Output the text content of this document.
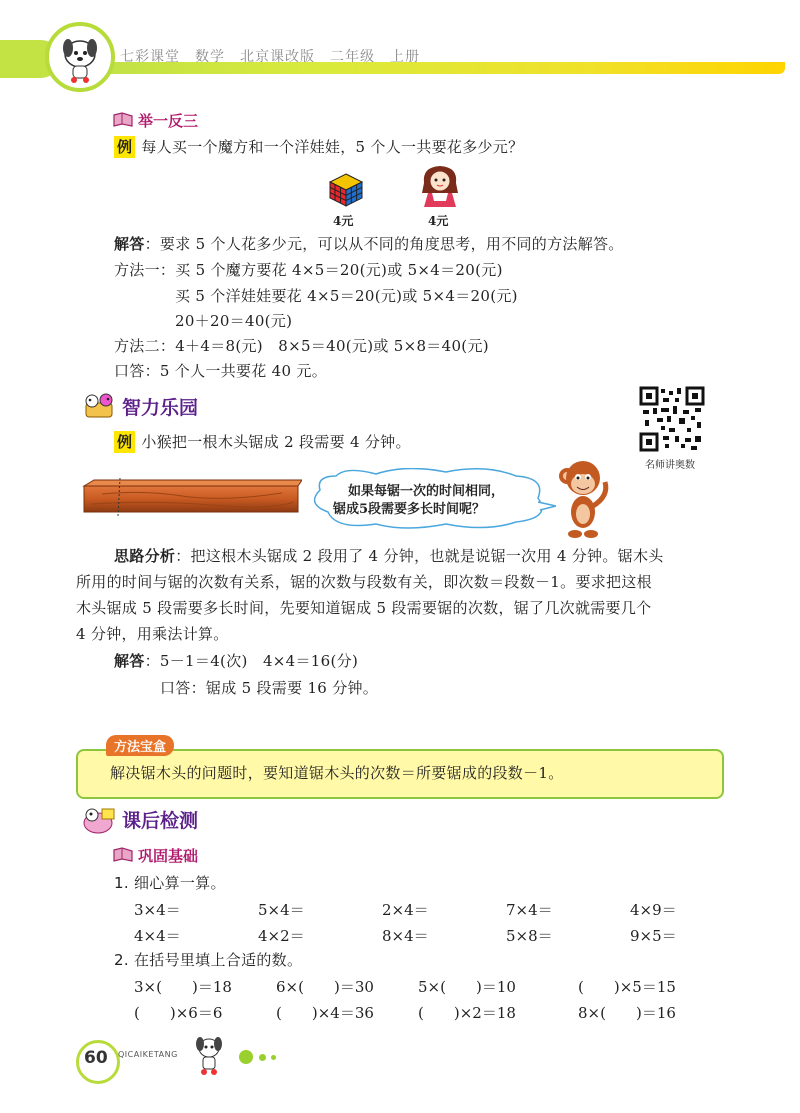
七彩课堂　数学　北京课改版　二年级　上册
举一反三
例 每人买一个魔方和一个洋娃娃，5 个人一共要花多少元？
4元	4元
解答：要求 5 个人花多少元，可以从不同的角度思考，用不同的方法解答。
方法一：买 5 个魔方要花 4×5＝20(元)或 5×4＝20(元)
买 5 个洋娃娃要花 4×5＝20(元)或 5×4＝20(元)
20＋20＝40(元)
方法二：4＋4＝8(元)　8×5＝40(元)或 5×8＝40(元)
口答：5 个人一共要花 40 元。
智力乐园
名师讲奥数
例 小猴把一根木头锯成 2 段需要 4 分钟。
如果每锯一次的时间相同，
锯成5段需要多长时间呢？
思路分析：把这根木头锯成 2 段用了 4 分钟，也就是说锯一次用 4 分钟。锯木头
所用的时间与锯的次数有关系，锯的次数与段数有关，即次数＝段数－1。要求把这根
木头锯成 5 段需要多长时间，先要知道锯成 5 段需要锯的次数，锯了几次就需要几个
4 分钟，用乘法计算。
解答：5－1＝4(次)　4×4＝16(分)
口答：锯成 5 段需要 16 分钟。
方法宝盒
解决锯木头的问题时，要知道锯木头的次数＝所要锯成的段数－1。
课后检测
巩固基础
1. 细心算一算。
3×4＝	5×4＝	2×4＝	7×4＝	4×9＝
4×4＝	4×2＝	8×4＝	5×8＝	9×5＝
2. 在括号里填上合适的数。
3×(　　)＝18	6×(　　)＝30	5×(　　)＝10	(　　)×5＝15
(　　)×6＝6	(　　)×4＝36	(　　)×2＝18	8×(　　)＝16
60 QICAIKETANG
